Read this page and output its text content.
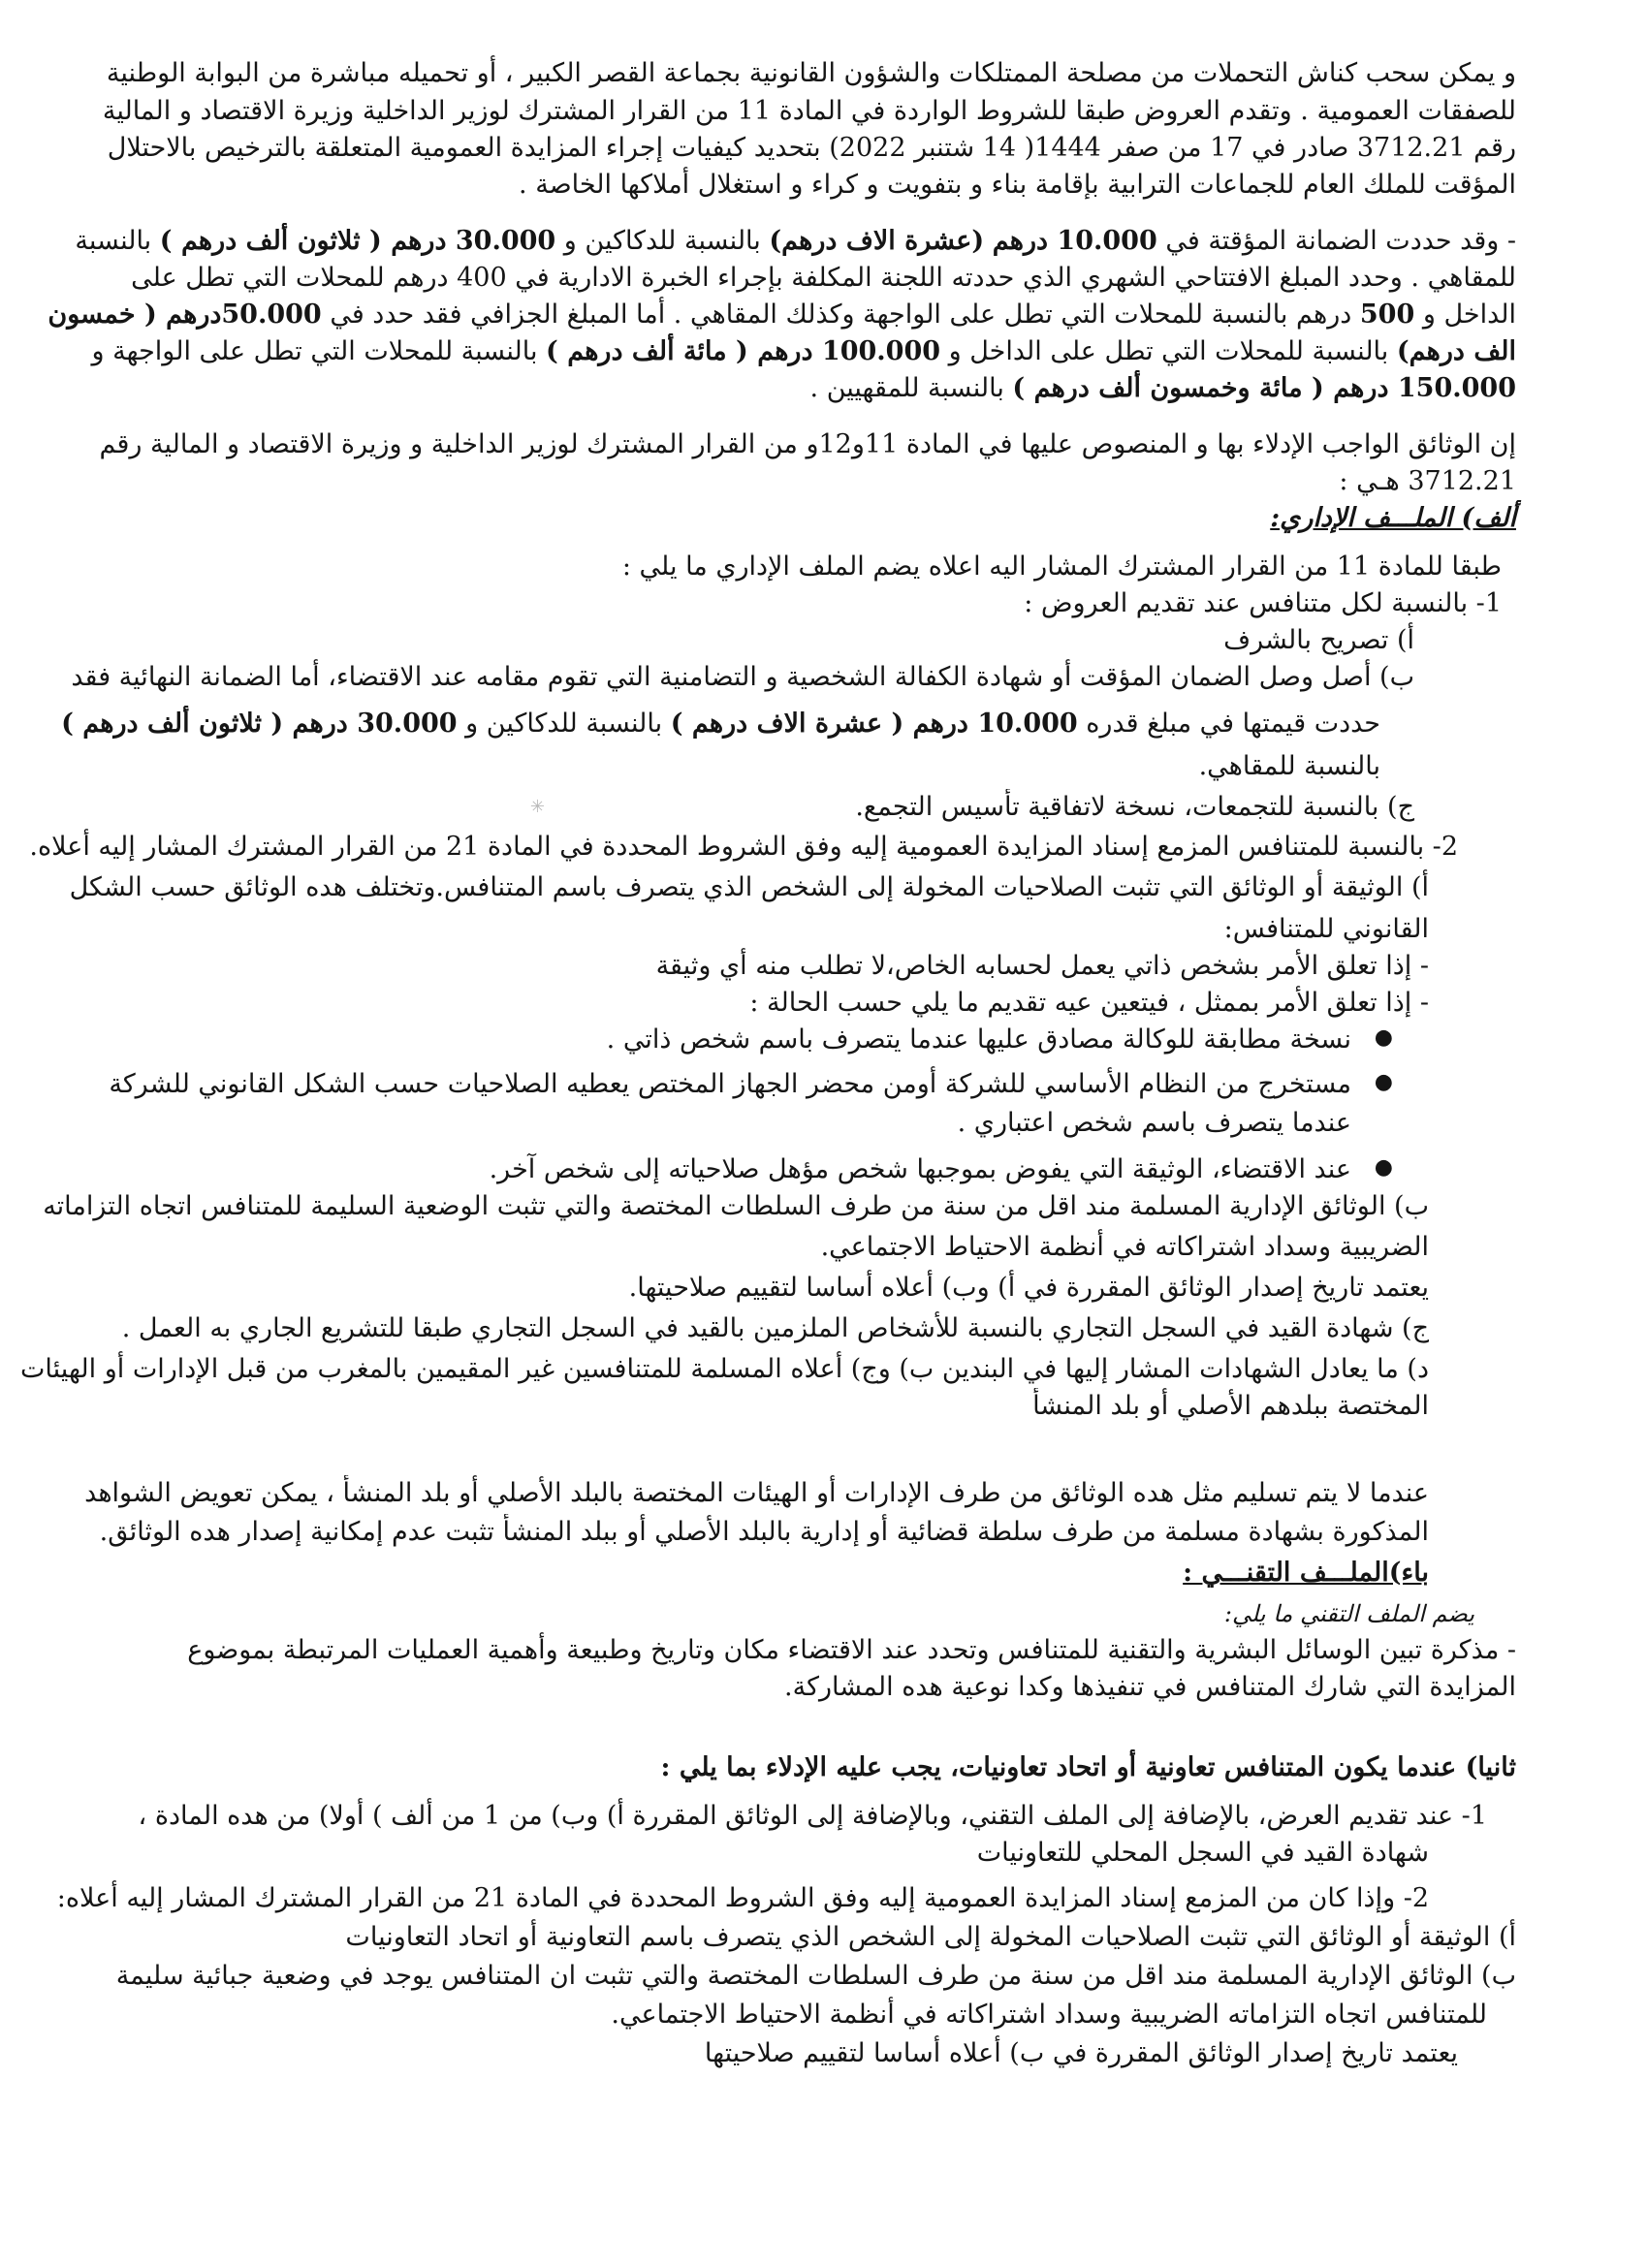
و يمكن سحب كناش التحملات من مصلحة الممتلكات والشؤون القانونية بجماعة القصر الكبير ، أو تحميله مباشرة من البوابة الوطنية
للصفقات العمومية . وتقدم العروض طبقا للشروط الواردة في المادة 11 من القرار المشترك لوزير الداخلية وزيرة الاقتصاد و المالية
رقم 3712.21 صادر في 17 من صفر 1444( 14 شتنبر 2022) بتحديد كيفيات إجراء المزايدة العمومية المتعلقة بالترخيص بالاحتلال
المؤقت للملك العام للجماعات الترابية بإقامة بناء و بتفويت و كراء و استغلال أملاكها الخاصة .
- وقد حددت الضمانة المؤقتة في 10.000 درهم (عشرة الاف درهم) بالنسبة للدكاكين و 30.000 درهم ( ثلاثون ألف درهم ) بالنسبة
للمقاهي . وحدد المبلغ الافتتاحي الشهري الذي حددته اللجنة المكلفة بإجراء الخبرة الادارية في 400 درهم للمحلات التي تطل على
الداخل و 500 درهم بالنسبة للمحلات التي تطل على الواجهة وكذلك المقاهي . أما المبلغ الجزافي فقد حدد في 50.000درهم ( خمسون
الف درهم) بالنسبة للمحلات التي تطل على الداخل و 100.000 درهم ( مائة ألف درهم ) بالنسبة للمحلات التي تطل على الواجهة و
150.000 درهم ( مائة وخمسون ألف درهم ) بالنسبة للمقهيين .
إن الوثائق الواجب الإدلاء بها و المنصوص عليها في المادة 11و12و من القرار المشترك لوزير الداخلية و وزيرة الاقتصاد و المالية رقم
3712.21 هـي :
ألف) الملـــف الإداري:
طبقا للمادة 11 من القرار المشترك المشار اليه اعلاه يضم الملف الإداري ما يلي :
1- بالنسبة لكل متنافس عند تقديم العروض :
أ) تصريح بالشرف
ب) أصل وصل الضمان المؤقت أو شهادة الكفالة الشخصية و التضامنية التي تقوم مقامه عند الاقتضاء، أما الضمانة النهائية فقد
حددت قيمتها في مبلغ قدره 10.000 درهم ( عشرة الاف درهم ) بالنسبة للدكاكين و 30.000 درهم ( ثلاثون ألف درهم )
بالنسبة للمقاهي.
ج) بالنسبة للتجمعات، نسخة لاتفاقية تأسيس التجمع.
✳
2- بالنسبة للمتنافس المزمع إسناد المزايدة العمومية إليه وفق الشروط المحددة في المادة 21 من القرار المشترك المشار إليه أعلاه.
أ) الوثيقة أو الوثائق التي تثبت الصلاحيات المخولة إلى الشخص الذي يتصرف باسم المتنافس.وتختلف هده الوثائق حسب الشكل
القانوني للمتنافس:
- إذا تعلق الأمر بشخص ذاتي يعمل لحسابه الخاص،لا تطلب منه أي وثيقة
- إذا تعلق الأمر بممثل ، فيتعين عيه تقديم ما يلي حسب الحالة :
●
نسخة مطابقة للوكالة مصادق عليها عندما يتصرف باسم شخص ذاتي .
●
مستخرج من النظام الأساسي للشركة أومن محضر الجهاز المختص يعطيه الصلاحيات حسب الشكل القانوني للشركة
عندما يتصرف باسم شخص اعتباري .
●
عند الاقتضاء، الوثيقة التي يفوض بموجبها شخص مؤهل صلاحياته إلى شخص آخر.
ب) الوثائق الإدارية المسلمة مند اقل من سنة من طرف السلطات المختصة والتي تثبت الوضعية السليمة للمتنافس اتجاه التزاماته
الضريبية وسداد اشتراكاته في أنظمة الاحتياط الاجتماعي.
يعتمد تاريخ إصدار الوثائق المقررة في أ) وب) أعلاه أساسا لتقييم صلاحيتها.
ج) شهادة القيد في السجل التجاري بالنسبة للأشخاص الملزمين بالقيد في السجل التجاري طبقا للتشريع الجاري به العمل .
د) ما يعادل الشهادات المشار إليها في البندين ب) وج) أعلاه المسلمة للمتنافسين غير المقيمين بالمغرب من قبل الإدارات أو الهيئات
المختصة ببلدهم الأصلي أو بلد المنشأ
عندما لا يتم تسليم مثل هده الوثائق من طرف الإدارات أو الهيئات المختصة بالبلد الأصلي أو بلد المنشأ ، يمكن تعويض الشواهد
المذكورة بشهادة مسلمة من طرف سلطة قضائية أو إدارية بالبلد الأصلي أو ببلد المنشأ تثبت عدم إمكانية إصدار هده الوثائق.
باء)الملـــف التقنـــي :
يضم الملف التقني ما يلي:
- مذكرة تبين الوسائل البشرية والتقنية للمتنافس وتحدد عند الاقتضاء مكان وتاريخ وطبيعة وأهمية العمليات المرتبطة بموضوع
المزايدة التي شارك المتنافس في تنفيذها وكدا نوعية هده المشاركة.
ثانيا) عندما يكون المتنافس تعاونية أو اتحاد تعاونيات، يجب عليه الإدلاء بما يلي :
1- عند تقديم العرض، بالإضافة إلى الملف التقني، وبالإضافة إلى الوثائق المقررة أ) وب) من 1 من ألف ) أولا) من هده المادة ،
شهادة القيد في السجل المحلي للتعاونيات
2- وإذا كان من المزمع إسناد المزايدة العمومية إليه وفق الشروط المحددة في المادة 21 من القرار المشترك المشار إليه أعلاه:
أ) الوثيقة أو الوثائق التي تثبت الصلاحيات المخولة إلى الشخص الذي يتصرف باسم التعاونية أو اتحاد التعاونيات
ب) الوثائق الإدارية المسلمة مند اقل من سنة من طرف السلطات المختصة والتي تثبت ان المتنافس يوجد في وضعية جبائية سليمة
للمتنافس اتجاه التزاماته الضريبية وسداد اشتراكاته في أنظمة الاحتياط الاجتماعي.
يعتمد تاريخ إصدار الوثائق المقررة في ب) أعلاه أساسا لتقييم صلاحيتها
